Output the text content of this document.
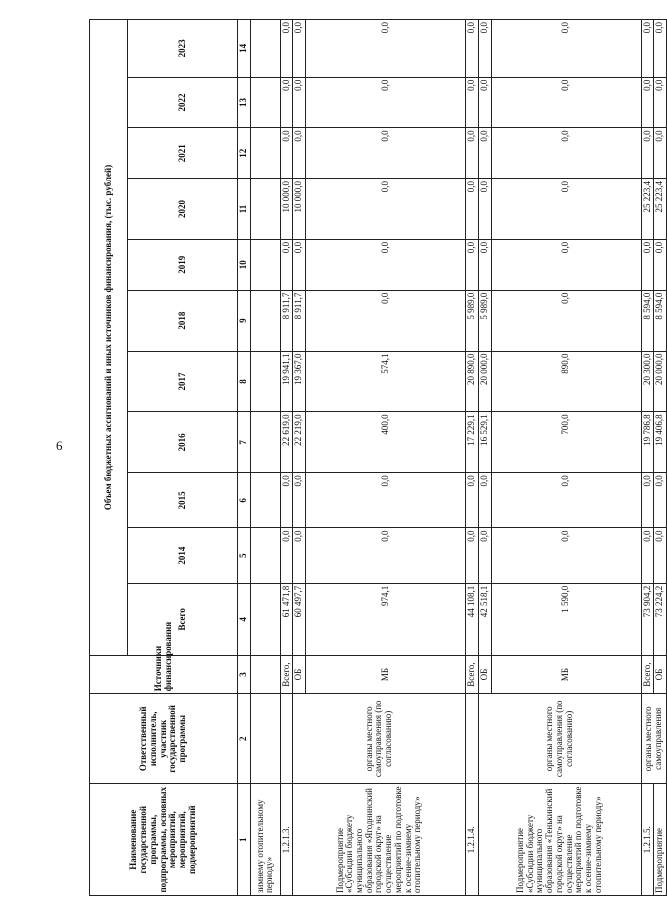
6
Наименование государственной программы, подпрограммы, основных мероприятий, мероприятий, подмероприятий	Ответственный исполнитель, участник государственной программы	Источники финансирования	Объем бюджетных ассигнований и иных источников финансирования, (тыс. рублей)										
			Всего	2014	2015	2016	2017	2018	2019	2020	2021	2022	2023
1	2	3	4	5	6	7	8	9	10	11	12	13	14
зимнему отопительному периоду»													
1.2.1.3.		Всего,	61 471,8	0,0	0,0	22 619,0	19 941,1	8 911,7	0,0	10 000,0	0,0	0,0	0,0
Подмероприятие «Субсидии бюджету муниципального образования «Ягоднинский городской округ» на осуществление мероприятий по подготовке к осенне-зимнему отопительному периоду»	органы местного самоуправления (по согласованию)	ОБ	60 497,7	0,0	0,0	22 219,0	19 367,0	8 911,7	0,0	10 000,0	0,0	0,0	0,0
		МБ	974,1	0,0	0,0	400,0	574,1	0,0	0,0	0,0	0,0	0,0	0,0
1.2.1.4.		Всего,	44 108,1	0,0	0,0	17 229,1	20 890,0	5 989,0	0,0	0,0	0,0	0,0	0,0
Подмероприятие «Субсидии бюджету муниципального образования «Тенькинский городской округ» на осуществление мероприятий по подготовке к осенне-зимнему отопительному периоду»	органы местного самоуправления (по согласованию)	ОБ	42 518,1	0,0	0,0	16 529,1	20 000,0	5 989,0	0,0	0,0	0,0	0,0	0,0
		МБ	1 590,0	0,0	0,0	700,0	890,0	0,0	0,0	0,0	0,0	0,0	0,0
1.2.1.5.	органы местного самоуправления	Всего,	73 904,2	0,0	0,0	19 786,8	20 300,0	8 594,0	0,0	25 223,4	0,0	0,0	0,0
Подмероприятие		ОБ	73 224,2	0,0	0,0	19 406,8	20 000,0	8 594,0	0,0	25 223,4	0,0	0,0	0,0
